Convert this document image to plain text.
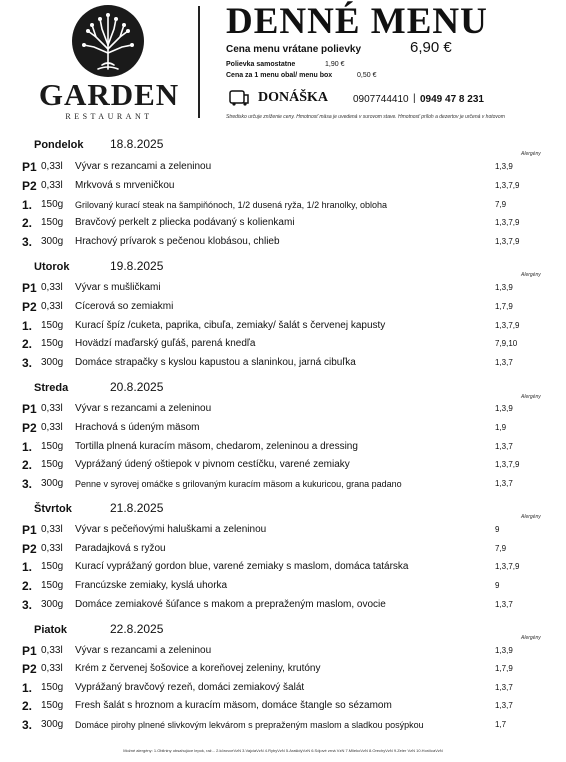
GARDEN
RESTAURANT
DENNÉ MENU
Cena menu vrátane polievky	6,90 €
Polievka samostatne	1,90 €
Cena za 1 menu obal/ menu box	0,50 €
DONÁŠKA 0907744410 | 0949 47 8 231
Stredisko určuje zníženie ceny. Hmotnosť mäsa je uvedená v surovom stave. Hmotnosť príloh a dezertov je určená v hotovom
Pondelok 18.8.2025
Alergény
P1 0,33l Vývar s rezancami a zeleninou	1,3,9
P2 0,33l Mrkvová s mrveničkou	1,3,7,9
1. 150g Grilovaný kurací steak na šampiňónoch, 1/2 dusená ryža, 1/2 hranolky, obloha	7,9
2. 150g Bravčový perkelt z pliecka podávaný s kolienkami	1,3,7,9
3. 300g Hrachový prívarok s pečenou klobásou, chlieb	1,3,7,9
Utorok	19.8.2025
Alergény
P1 0,33l Vývar s mušličkami	1,3,9
P2 0,33l Cícerová so zemiakmi	1,7,9
1. 150g Kurací špíz /cuketa, paprika, cibuľa, zemiaky/ šalát s červenej kapusty	1,3,7,9
2. 150g Hovädzí maďarský guľáš, parená knedľa	7,9,10
3. 300g Domáce strapačky s kyslou kapustou a slaninkou, jarná cibuľka	1,3,7
Streda	20.8.2025
Alergény
P1 0,33l Vývar s rezancami a zeleninou	1,3,9
P2 0,33l Hrachová s údeným mäsom	1,9
1. 150g Tortilla plnená kuracím mäsom, chedarom, zeleninou a dressing	1,3,7
2. 150g Vyprážaný údený oštiepok v pivnom cestíčku, varené zemiaky	1,3,7,9
3. 300g Penne v syrovej omáčke s grilovaným kuracím mäsom a kukuricou, grana padano	1,3,7
Štvrtok	21.8.2025
Alergény
P1 0,33l Vývar s pečeňovými haluškami a zeleninou	9
P2 0,33l Paradajková s ryžou	7,9
1. 150g Kurací vyprážaný gordon blue, varené zemiaky s maslom, domáca tatárska	1,3,7,9
2. 150g Francúzske zemiaky, kyslá uhorka	9
3. 300g Domáce zemiakové šúľance s makom a prepraženým maslom, ovocie	1,3,7
Piatok	22.8.2025
Alergény
P1 0,33l Vývar s rezancami a zeleninou	1,3,9
P2 0,33l Krém z červenej šošovice a koreňovej zeleniny, krutóny	1,7,9
1. 150g Vyprážaný bravčový rezeň, domáci zemiakový šalát	1,3,7
2. 150g Fresh šalát s hroznom a kuracím mäsom, domáce štangle so sézamom	1,3,7
3. 300g Domáce pirohy plnené slivkovým lekvárom s prepraženým maslom a sladkou posýpkou	1,7
Možné alergény: 1.Obilniny obsahujúce lepok, raž... 2.kôrovceVzN 3.VajciaVzN 4.RybyVzN 5.ArašidyVzN 6.Sójové zrná VzN 7.MliekoVzN 8.OrechyVzN 9.Zeler VzN 10.HorčicaVzN
